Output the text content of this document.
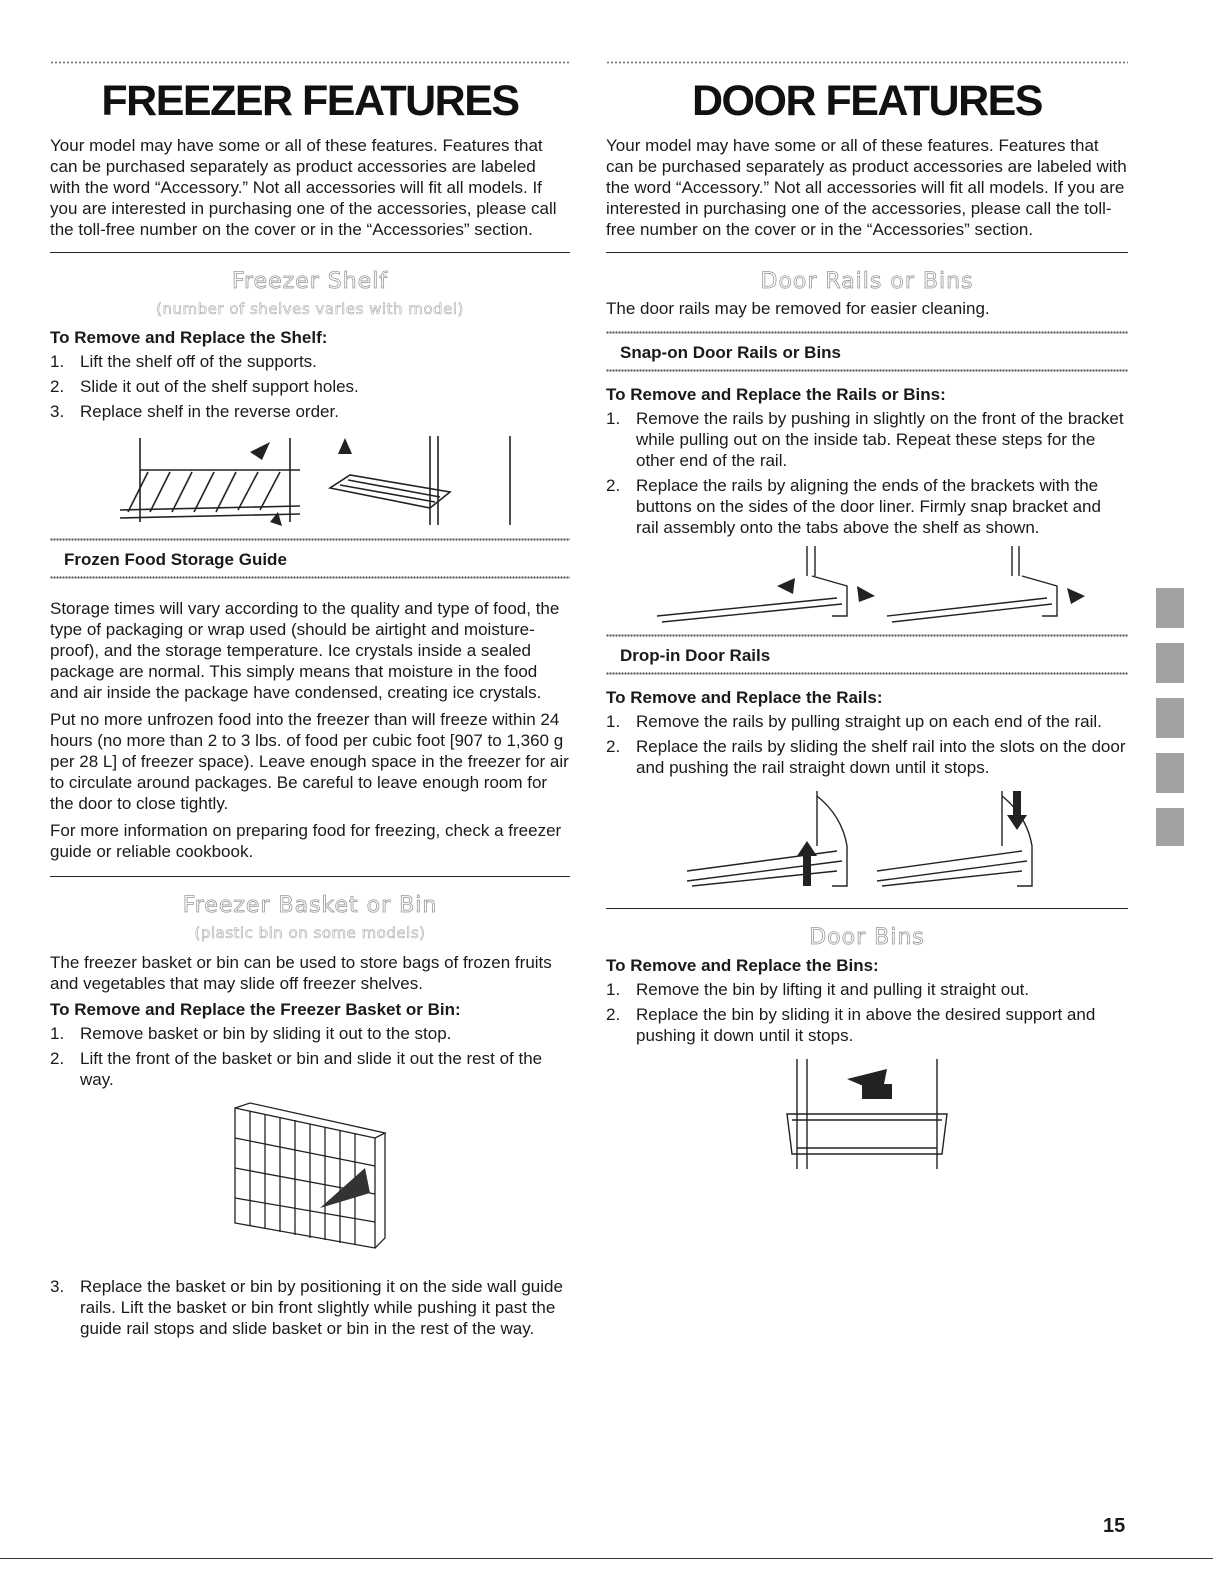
FREEZER FEATURES

Your model may have some or all of these features. Features that can be purchased separately as product accessories are labeled with the word “Accessory.” Not all accessories will fit all models. If you are interested in purchasing one of the accessories, please call the toll-free number on the cover or in the “Accessories” section.

Freezer Shelf
(number of shelves varies with model)
To Remove and Replace the Shelf:
1. Lift the shelf off of the supports.
2. Slide it out of the shelf support holes.
3. Replace shelf in the reverse order.
Frozen Food Storage Guide

Storage times will vary according to the quality and type of food, the type of packaging or wrap used (should be airtight and moisture-proof), and the storage temperature. Ice crystals inside a sealed package are normal. This simply means that moisture in the food and air inside the package have condensed, creating ice crystals.

Put no more unfrozen food into the freezer than will freeze within 24 hours (no more than 2 to 3 lbs. of food per cubic foot [907 to 1,360 g per 28 L] of freezer space). Leave enough space in the freezer for air to circulate around packages. Be careful to leave enough room for the door to close tightly.

For more information on preparing food for freezing, check a freezer guide or reliable cookbook.

Freezer Basket or Bin
(plastic bin on some models)

The freezer basket or bin can be used to store bags of frozen fruits and vegetables that may slide off freezer shelves.

To Remove and Replace the Freezer Basket or Bin:
1. Remove basket or bin by sliding it out to the stop.
2. Lift the front of the basket or bin and slide it out the rest of the way.
3. Replace the basket or bin by positioning it on the side wall guide rails. Lift the basket or bin front slightly while pushing it past the guide rail stops and slide basket or bin in the rest of the way.
DOOR FEATURES

Your model may have some or all of these features. Features that can be purchased separately as product accessories are labeled with the word “Accessory.” Not all accessories will fit all models. If you are interested in purchasing one of the accessories, please call the toll-free number on the cover or in the “Accessories” section.

Door Rails or Bins

The door rails may be removed for easier cleaning.

Snap-on Door Rails or Bins
To Remove and Replace the Rails or Bins:
1. Remove the rails by pushing in slightly on the front of the bracket while pulling out on the inside tab. Repeat these steps for the other end of the rail.
2. Replace the rails by aligning the ends of the brackets with the buttons on the sides of the door liner. Firmly snap bracket and rail assembly onto the tabs above the shelf as shown.
Drop-in Door Rails
To Remove and Replace the Rails:
1. Remove the rails by pulling straight up on each end of the rail.
2. Replace the rails by sliding the shelf rail into the slots on the door and pushing the rail straight down until it stops.
Door Bins
To Remove and Replace the Bins:
1. Remove the bin by lifting it and pulling it straight out.
2. Replace the bin by sliding it in above the desired support and pushing it down until it stops.
15
